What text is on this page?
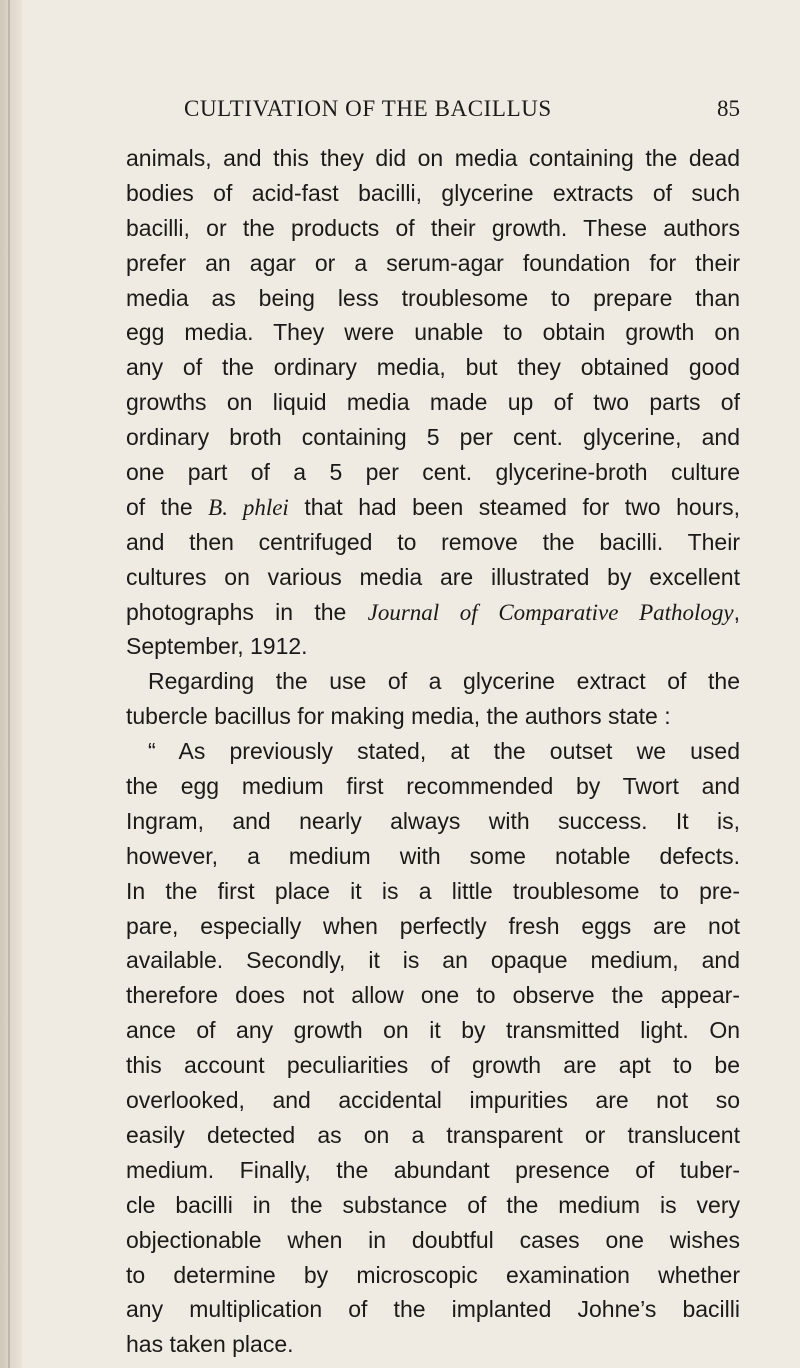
CULTIVATION OF THE BACILLUS	85
animals, and this they did on media containing the dead
bodies of acid-fast bacilli, glycerine extracts of such
bacilli, or the products of their growth. These authors
prefer an agar or a serum-agar foundation for their
media as being less troublesome to prepare than
egg media. They were unable to obtain growth on
any of the ordinary media, but they obtained good
growths on liquid media made up of two parts of
ordinary broth containing 5 per cent. glycerine, and
one part of a 5 per cent. glycerine-broth culture
of the B. phlei that had been steamed for two hours,
and then centrifuged to remove the bacilli. Their
cultures on various media are illustrated by excellent
photographs in the Journal of Comparative Pathology,
September, 1912.
Regarding the use of a glycerine extract of the
tubercle bacillus for making media, the authors state :
“ As previously stated, at the outset we used
the egg medium first recommended by Twort and
Ingram, and nearly always with success. It is,
however, a medium with some notable defects.
In the first place it is a little troublesome to pre-
pare, especially when perfectly fresh eggs are not
available. Secondly, it is an opaque medium, and
therefore does not allow one to observe the appear-
ance of any growth on it by transmitted light. On
this account peculiarities of growth are apt to be
overlooked, and accidental impurities are not so
easily detected as on a transparent or translucent
medium. Finally, the abundant presence of tuber-
cle bacilli in the substance of the medium is very
objectionable when in doubtful cases one wishes
to determine by microscopic examination whether
any multiplication of the implanted Johne’s bacilli
has taken place.
